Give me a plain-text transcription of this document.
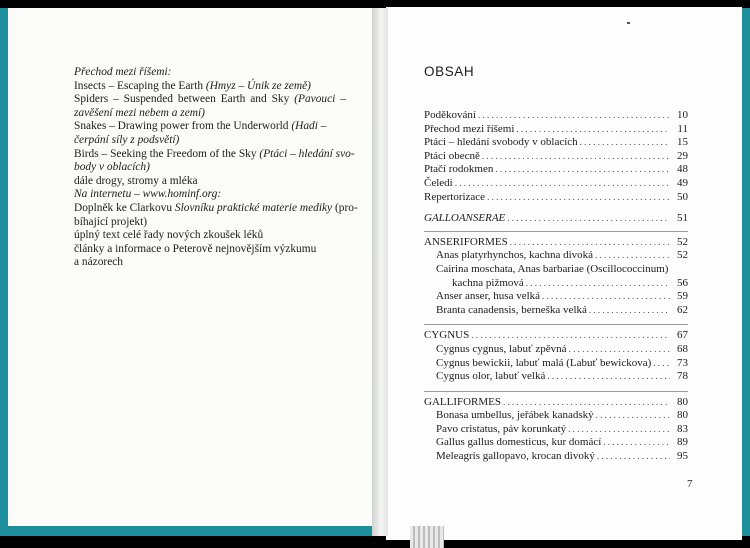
Přechod mezi říšemi:
Insects – Escaping the Earth (Hmyz – Únik ze země)
Spiders – Suspended between Earth and Sky (Pavouci –
zavěšení mezi nebem a zemí)
Snakes – Drawing power from the Underworld (Hadi –
čerpání síly z podsvětí)
Birds – Seeking the Freedom of the Sky (Ptáci – hledání svo-
body v oblacích)
dále drogy, stromy a mléka
Na internetu – www.hominf.org:
Doplněk ke Clarkovu Slovníku praktické materie mediky (pro-
bíhající projekt)
úplný text celé řady nových zkoušek léků
články a informace o Peterově nejnovějším výzkumu
a názorech
OBSAH
Poděkování . . .	10
Přechod mezi říšemi . . .	11
Ptáci – hledání svobody v oblacích . . .	15
Ptáci obecně . . .	29
Ptačí rodokmen . . .	48
Čeledi . . .	49
Repertorizace . . .	50
GALLOANSERAE . . .	51
ANSERIFORMES . . .	52
Anas platyrhynchos, kachna divoká . . .	52
Cairina moschata, Anas barbariae (Oscillococcinum)
kachna pižmová . . .	56
Anser anser, husa velká . . .	59
Branta canadensis, berneška velká . . .	62
CYGNUS . . .	67
Cygnus cygnus, labuť zpěvná . . .	68
Cygnus bewickii, labuť malá (Labuť bewickova) . . .	73
Cygnus olor, labuť velká . . .	78
GALLIFORMES . . .	80
Bonasa umbellus, jeřábek kanadský . . .	80
Pavo cristatus, páv korunkatý . . .	83
Gallus gallus domesticus, kur domácí . . .	89
Meleagris gallopavo, krocan divoký . . .	95
7
